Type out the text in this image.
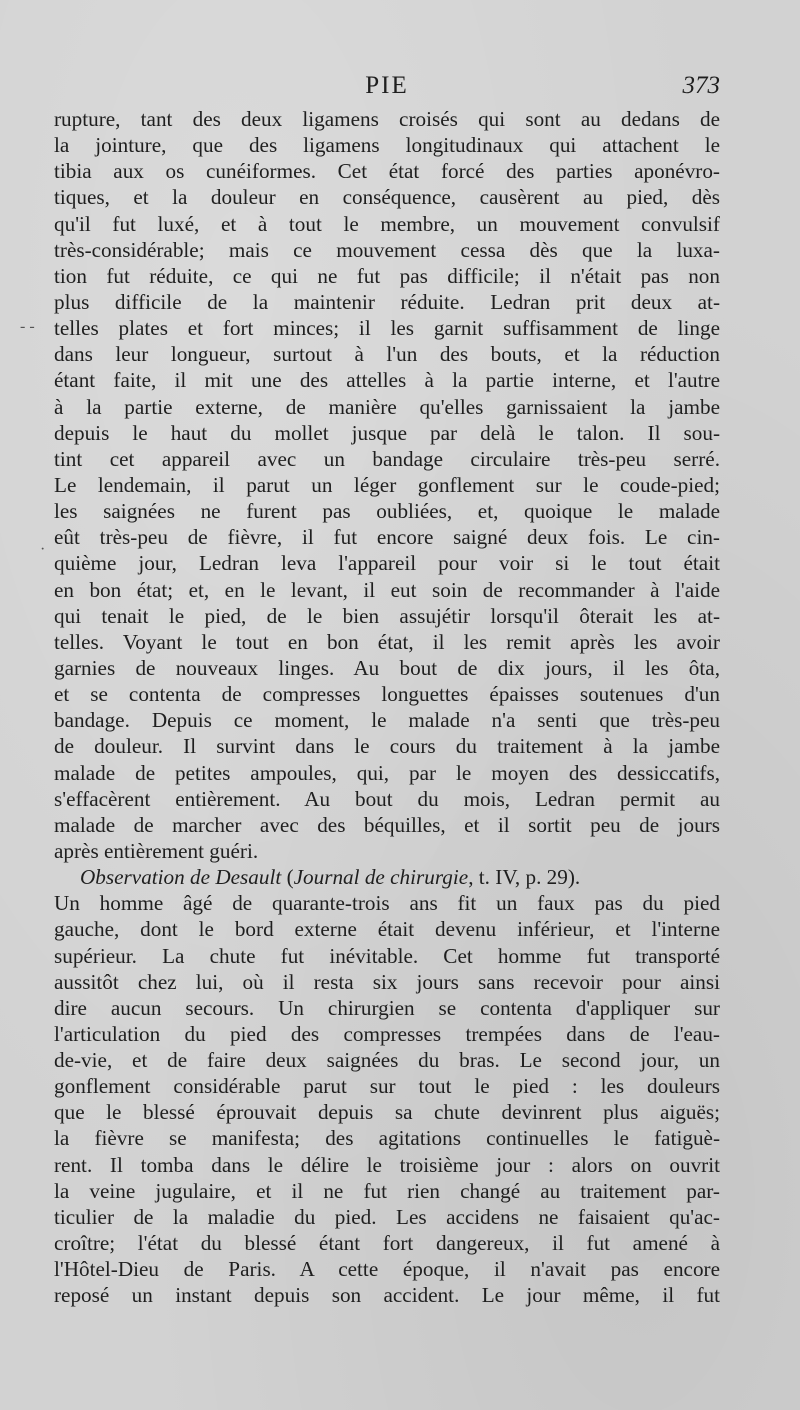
PIE	373
- -
·
rupture, tant des deux ligamens croisés qui sont au dedans de
la jointure, que des ligamens longitudinaux qui attachent le
tibia aux os cunéiformes. Cet état forcé des parties aponévro-
tiques, et la douleur en conséquence, causèrent au pied, dès
qu'il fut luxé, et à tout le membre, un mouvement convulsif
très-considérable; mais ce mouvement cessa dès que la luxa-
tion fut réduite, ce qui ne fut pas difficile; il n'était pas non
plus difficile de la maintenir réduite. Ledran prit deux at-
telles plates et fort minces; il les garnit suffisamment de linge
dans leur longueur, surtout à l'un des bouts, et la réduction
étant faite, il mit une des attelles à la partie interne, et l'autre
à la partie externe, de manière qu'elles garnissaient la jambe
depuis le haut du mollet jusque par delà le talon. Il sou-
tint cet appareil avec un bandage circulaire très-peu serré.
Le lendemain, il parut un léger gonflement sur le coude-pied;
les saignées ne furent pas oubliées, et, quoique le malade
eût très-peu de fièvre, il fut encore saigné deux fois. Le cin-
quième jour, Ledran leva l'appareil pour voir si le tout était
en bon état; et, en le levant, il eut soin de recommander à l'aide
qui tenait le pied, de le bien assujétir lorsqu'il ôterait les at-
telles. Voyant le tout en bon état, il les remit après les avoir
garnies de nouveaux linges. Au bout de dix jours, il les ôta,
et se contenta de compresses longuettes épaisses soutenues d'un
bandage. Depuis ce moment, le malade n'a senti que très-peu
de douleur. Il survint dans le cours du traitement à la jambe
malade de petites ampoules, qui, par le moyen des dessiccatifs,
s'effacèrent entièrement. Au bout du mois, Ledran permit au
malade de marcher avec des béquilles, et il sortit peu de jours
après entièrement guéri.
Observation de Desault (Journal de chirurgie, t. IV, p. 29).
Un homme âgé de quarante-trois ans fit un faux pas du pied
gauche, dont le bord externe était devenu inférieur, et l'interne
supérieur. La chute fut inévitable. Cet homme fut transporté
aussitôt chez lui, où il resta six jours sans recevoir pour ainsi
dire aucun secours. Un chirurgien se contenta d'appliquer sur
l'articulation du pied des compresses trempées dans de l'eau-
de-vie, et de faire deux saignées du bras. Le second jour, un
gonflement considérable parut sur tout le pied : les douleurs
que le blessé éprouvait depuis sa chute devinrent plus aiguës;
la fièvre se manifesta; des agitations continuelles le fatiguè-
rent. Il tomba dans le délire le troisième jour : alors on ouvrit
la veine jugulaire, et il ne fut rien changé au traitement par-
ticulier de la maladie du pied. Les accidens ne faisaient qu'ac-
croître; l'état du blessé étant fort dangereux, il fut amené à
l'Hôtel-Dieu de Paris. A cette époque, il n'avait pas encore
reposé un instant depuis son accident. Le jour même, il fut
